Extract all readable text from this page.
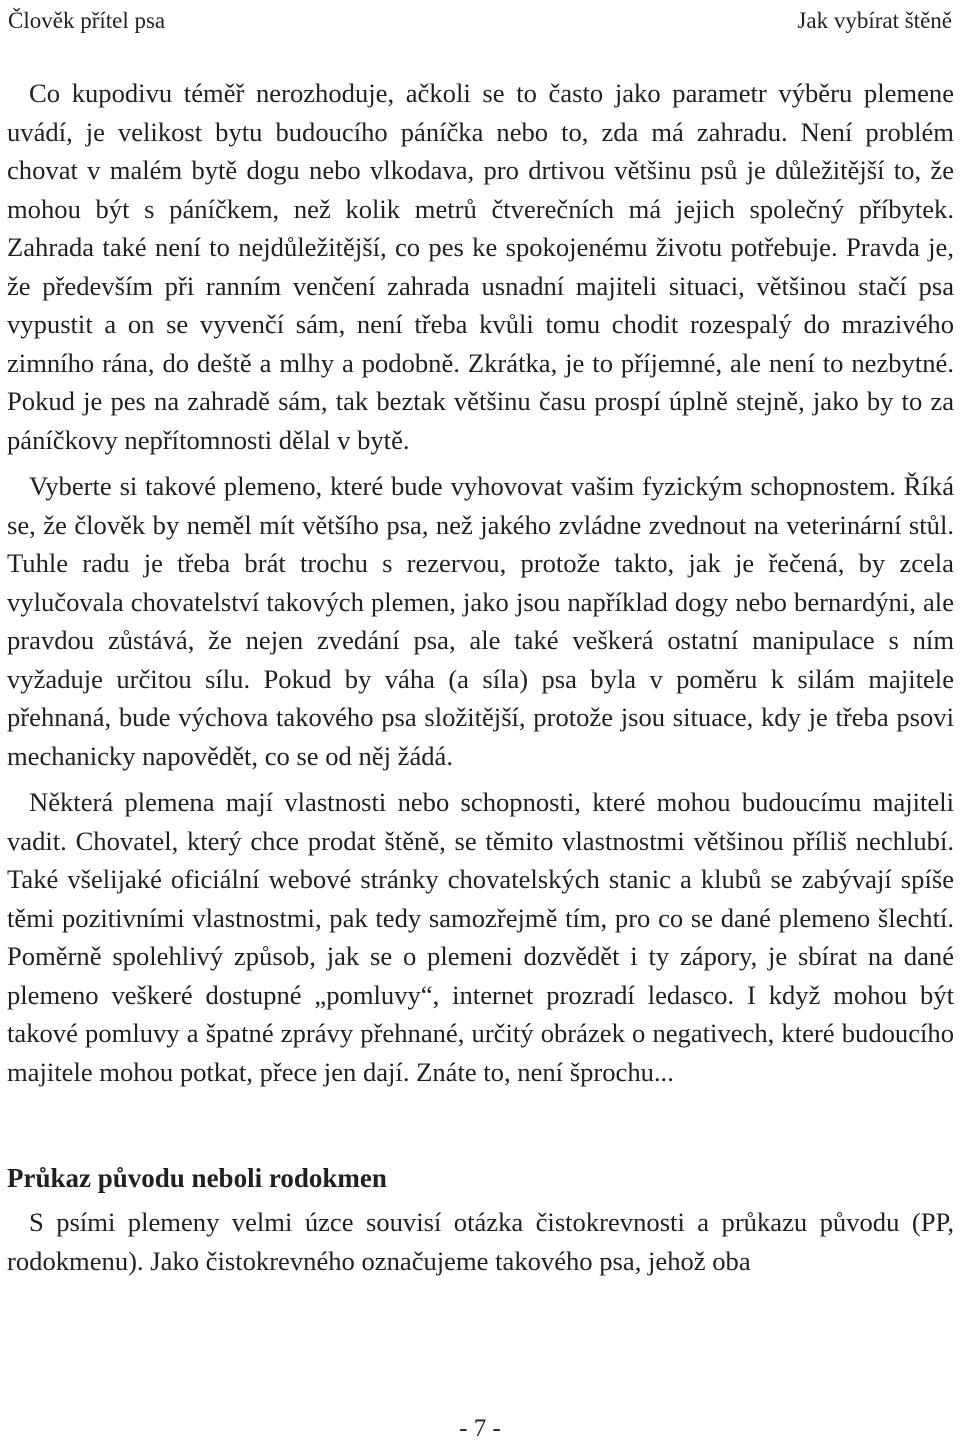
Člověk přítel psa	Jak vybírat štěně

Co kupodivu téměř nerozhoduje, ačkoli se to často jako parametr výběru plemene uvádí, je velikost bytu budoucího páníčka nebo to, zda má zahradu. Není problém chovat v malém bytě dogu nebo vlkodava, pro drtivou většinu psů je důležitější to, že mohou být s páníčkem, než kolik metrů čtverečních má jejich společný příbytek. Zahrada také není to nejdůležitější, co pes ke spokojenému životu potřebuje. Pravda je, že především při ranním venčení zahrada usnadní majiteli situaci, většinou stačí psa vypustit a on se vyvenčí sám, není třeba kvůli tomu chodit rozespalý do mrazivého zimního rána, do deště a mlhy a podobně. Zkrátka, je to příjemné, ale není to nezbytné. Pokud je pes na zahradě sám, tak beztak většinu času prospí úplně stejně, jako by to za páníčkovy nepřítomnosti dělal v bytě.

Vyberte si takové plemeno, které bude vyhovovat vašim fyzickým schopnostem. Říká se, že člověk by neměl mít většího psa, než jakého zvládne zvednout na veterinární stůl. Tuhle radu je třeba brát trochu s rezervou, protože takto, jak je řečená, by zcela vylučovala chovatelství takových plemen, jako jsou například dogy nebo bernardýni, ale pravdou zůstává, že nejen zvedání psa, ale také veškerá ostatní manipulace s ním vyžaduje určitou sílu. Pokud by váha (a síla) psa byla v poměru k silám majitele přehnaná, bude výchova takového psa složitější, protože jsou situace, kdy je třeba psovi mechanicky napovědět, co se od něj žádá.

Některá plemena mají vlastnosti nebo schopnosti, které mohou budoucímu majiteli vadit. Chovatel, který chce prodat štěně, se těmito vlastnostmi většinou příliš nechlubí. Také všelijaké oficiální webové stránky chovatelských stanic a klubů se zabývají spíše těmi pozitivními vlastnostmi, pak tedy samozřejmě tím, pro co se dané plemeno šlechtí. Poměrně spolehlivý způsob, jak se o plemeni dozvědět i ty zápory, je sbírat na dané plemeno veškeré dostupné „pomluvy“, internet prozradí ledasco. I když mohou být takové pomluvy a špatné zprávy přehnané, určitý obrázek o negativech, které budoucího majitele mohou potkat, přece jen dají. Znáte to, není šprochu...

Průkaz původu neboli rodokmen

S psími plemeny velmi úzce souvisí otázka čistokrevnosti a průkazu původu (PP, rodokmenu). Jako čistokrevného označujeme takového psa, jehož oba

- 7 -
